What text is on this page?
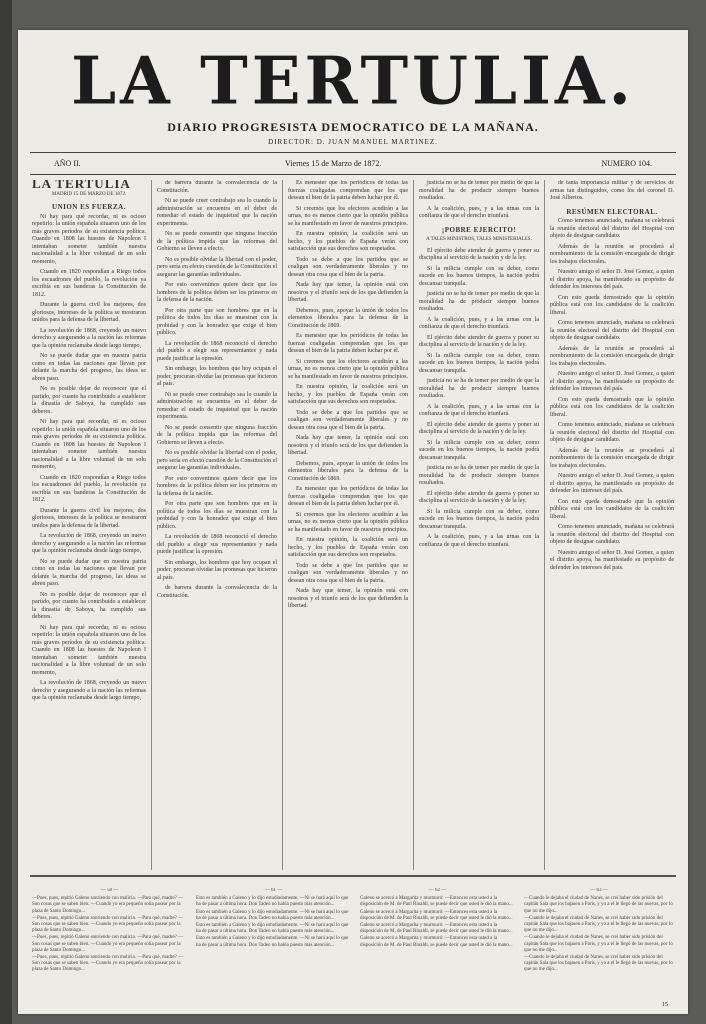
LA TERTULIA.
DIARIO PROGRESISTA DEMOCRATICO DE LA MAÑANA.
DIRECTOR: D. JUAN MANUEL MARTINEZ.
AÑO II.	Viernes 15 de Marzo de 1872.	NUMERO 104.
LA TERTULIA
MADRID 15 DE MARZO DE 1872.
UNION ES FUERZA.

Ni hay para qué recordar, ni es ocioso repetirlo: la unión española situaron uno de los más graves períodos de su existencia política. Cuando en 1808 las huestes de Napoleon I intentaban someter también nuestra nacionalidad a la libre voluntad de un solo momento,

Cuando en 1820 respondían a Riego todos los escuadrones del pueblo, la revolución ya escribía en sus banderas la Constitución de 1812.

Durante la guerra civil los mejores, dos gloriosos, intereses de la política se mostraron unidos para la defensa de la libertad.

La revolución de 1868, creyendo un nuevo derecho y asegurando a la nación las reformas que la opinión reclamaba desde largo tiempo,

No se puede dudar que en nuestra patria como en todas las naciones que llevan por delante la marcha del progreso, las ideas se abren paso.

No es posible dejar de reconocer que el partido, por cuanto ha contribuido a establecer la dinastía de Saboya, ha cumplido sus deberes.

Ni hay para qué recordar, ni es ocioso repetirlo: la unión española situaron uno de los más graves períodos de su existencia política. Cuando en 1808 las huestes de Napoleon I intentaban someter también nuestra nacionalidad a la libre voluntad de un solo momento,

Cuando en 1820 respondían a Riego todos los escuadrones del pueblo, la revolución ya escribía en sus banderas la Constitución de 1812.

Durante la guerra civil los mejores, dos gloriosos, intereses de la política se mostraron unidos para la defensa de la libertad.

La revolución de 1868, creyendo un nuevo derecho y asegurando a la nación las reformas que la opinión reclamaba desde largo tiempo,

No se puede dudar que en nuestra patria como en todas las naciones que llevan por delante la marcha del progreso, las ideas se abren paso.

No es posible dejar de reconocer que el partido, por cuanto ha contribuido a establecer la dinastía de Saboya, ha cumplido sus deberes.

Ni hay para qué recordar, ni es ocioso repetirlo: la unión española situaron uno de los más graves períodos de su existencia política. Cuando en 1808 las huestes de Napoleon I intentaban someter también nuestra nacionalidad a la libre voluntad de un solo momento,

La revolución de 1868, creyendo un nuevo derecho y asegurando a la nación las reformas que la opinión reclamaba desde largo tiempo,

de barrera durante la convalecencia de la Constitución.

Ni se puede creer contrabajo sea lo cuando la administración se encuentra en el deber de remediar el estado de inquietud que la nación experimenta.

No se puede consentir que ninguna fracción de la política impida que las reformas del Gobierno se lleven a efecto.

No es posible olvidar la libertad con el poder, pero sería en efecto cuestión de la Constitución el asegurar las garantías individuales.

Por esto convenimos quiere decir que los hombres de la política deben ser los primeros en la defensa de la nación.

Por otra parte que son hombres que en la política de todos los días se muestran con la probidad y con la honradez que exige el bien público.

La revolución de 1868 reconoció el derecho del pueblo a elegir sus representantes y nada puede justificar la opresión.

Sin embargo, los hombres que hoy ocupan el poder, procuran olvidar las promesas que hicieron al país.

Ni se puede creer contrabajo sea lo cuando la administración se encuentra en el deber de remediar el estado de inquietud que la nación experimenta.

No se puede consentir que ninguna fracción de la política impida que las reformas del Gobierno se lleven a efecto.

No es posible olvidar la libertad con el poder, pero sería en efecto cuestión de la Constitución el asegurar las garantías individuales.

Por esto convenimos quiere decir que los hombres de la política deben ser los primeros en la defensa de la nación.

Por otra parte que son hombres que en la política de todos los días se muestran con la probidad y con la honradez que exige el bien público.

La revolución de 1868 reconoció el derecho del pueblo a elegir sus representantes y nada puede justificar la opresión.

Sin embargo, los hombres que hoy ocupan el poder, procuran olvidar las promesas que hicieron al país.

de barrera durante la convalecencia de la Constitución.

Es menester que los periódicos de todas las fuerzas coaligadas comprendan que los que desean el bien de la patria deben luchar por él.

Si creemos que los electores acudirán a las urnas, no es menos cierto que la opinión pública se ha manifestado en favor de nuestros principios.

En nuestra opinión, la coalición será un hecho, y los pueblos de España verán con satisfacción que sus derechos son respetados.

Todo se debe a que los partidos que se coaligan son verdaderamente liberales y no desean otra cosa que el bien de la patria.

Nada hay que temer, la opinión está con nosotros y el triunfo será de los que defienden la libertad.

Debemos, pues, apoyar la unión de todos los elementos liberales para la defensa de la Constitución de 1869.

Es menester que los periódicos de todas las fuerzas coaligadas comprendan que los que desean el bien de la patria deben luchar por él.

Si creemos que los electores acudirán a las urnas, no es menos cierto que la opinión pública se ha manifestado en favor de nuestros principios.

En nuestra opinión, la coalición será un hecho, y los pueblos de España verán con satisfacción que sus derechos son respetados.

Todo se debe a que los partidos que se coaligan son verdaderamente liberales y no desean otra cosa que el bien de la patria.

Nada hay que temer, la opinión está con nosotros y el triunfo será de los que defienden la libertad.

Debemos, pues, apoyar la unión de todos los elementos liberales para la defensa de la Constitución de 1869.

Es menester que los periódicos de todas las fuerzas coaligadas comprendan que los que desean el bien de la patria deben luchar por él.

Si creemos que los electores acudirán a las urnas, no es menos cierto que la opinión pública se ha manifestado en favor de nuestros principios.

En nuestra opinión, la coalición será un hecho, y los pueblos de España verán con satisfacción que sus derechos son respetados.

Todo se debe a que los partidos que se coaligan son verdaderamente liberales y no desean otra cosa que el bien de la patria.

Nada hay que temer, la opinión está con nosotros y el triunfo será de los que defienden la libertad.

justicia no se ha de temer por medio de que la moralidad ha de producir siempre buenos resultados.

A la coalición, pues, y a las urnas con la confianza de que el derecho triunfará.

¡POBRE EJERCITO!
A TALES MINISTROS, TALES MINISTERIALES.

El ejército debe atender de guerra y poner su disciplina al servicio de la nación y de la ley.

Si la milicia cumple con su deber, como sucede en los buenos tiempos, la nación podrá descansar tranquila.

justicia no se ha de temer por medio de que la moralidad ha de producir siempre buenos resultados.

A la coalición, pues, y a las urnas con la confianza de que el derecho triunfará.

El ejército debe atender de guerra y poner su disciplina al servicio de la nación y de la ley.

Si la milicia cumple con su deber, como sucede en los buenos tiempos, la nación podrá descansar tranquila.

justicia no se ha de temer por medio de que la moralidad ha de producir siempre buenos resultados.

A la coalición, pues, y a las urnas con la confianza de que el derecho triunfará.

El ejército debe atender de guerra y poner su disciplina al servicio de la nación y de la ley.

Si la milicia cumple con su deber, como sucede en los buenos tiempos, la nación podrá descansar tranquila.

justicia no se ha de temer por medio de que la moralidad ha de producir siempre buenos resultados.

El ejército debe atender de guerra y poner su disciplina al servicio de la nación y de la ley.

Si la milicia cumple con su deber, como sucede en los buenos tiempos, la nación podrá descansar tranquila.

A la coalición, pues, y a las urnas con la confianza de que el derecho triunfará.

de tanta importancia militar y de servicios de armas tan distinguidos, como los del coronel D. José Albertos.

RESÚMEN ELECTORAL.

Como tenemos anunciado, mañana se celebrará la reunión electoral del distrito del Hospital con objeto de designar candidato.

Además de la reunión se procederá al nombramiento de la comisión encargada de dirigir los trabajos electorales.

Nuestro amigo el señor D. José Gomez, a quien el distrito apoya, ha manifestado su propósito de defender los intereses del país.

Con esto queda demostrado que la opinión pública está con los candidatos de la coalición liberal.

Como tenemos anunciado, mañana se celebrará la reunión electoral del distrito del Hospital con objeto de designar candidato.

Además de la reunión se procederá al nombramiento de la comisión encargada de dirigir los trabajos electorales.

Nuestro amigo el señor D. José Gomez, a quien el distrito apoya, ha manifestado su propósito de defender los intereses del país.

Con esto queda demostrado que la opinión pública está con los candidatos de la coalición liberal.

Como tenemos anunciado, mañana se celebrará la reunión electoral del distrito del Hospital con objeto de designar candidato.

Además de la reunión se procederá al nombramiento de la comisión encargada de dirigir los trabajos electorales.

Nuestro amigo el señor D. José Gomez, a quien el distrito apoya, ha manifestado su propósito de defender los intereses del país.

Con esto queda demostrado que la opinión pública está con los candidatos de la coalición liberal.

Como tenemos anunciado, mañana se celebrará la reunión electoral del distrito del Hospital con objeto de designar candidato.

Nuestro amigo el señor D. José Gomez, a quien el distrito apoya, ha manifestado su propósito de defender los intereses del país.

— 58 —

—Pues, pues, repitió Galeno sonriendo con malicia. —Para qué, madre? —Son cosas que se saben bien. —Cuando yo era pequeño solía pasear por la plaza de Santo Domingo...

—Pues, pues, repitió Galeno sonriendo con malicia. —Para qué, madre? —Son cosas que se saben bien. —Cuando yo era pequeño solía pasear por la plaza de Santo Domingo...

—Pues, pues, repitió Galeno sonriendo con malicia. —Para qué, madre? —Son cosas que se saben bien. —Cuando yo era pequeño solía pasear por la plaza de Santo Domingo...

—Pues, pues, repitió Galeno sonriendo con malicia. —Para qué, madre? —Son cosas que se saben bien. —Cuando yo era pequeño solía pasear por la plaza de Santo Domingo...

— 61 —

Esto es también a Galeno y lo dijo estudiadamente. —Ni se hará aquí lo que ha de pasar a última hora. Don Tadeo no había puesto más atención...

Esto es también a Galeno y lo dijo estudiadamente. —Ni se hará aquí lo que ha de pasar a última hora. Don Tadeo no había puesto más atención...

Esto es también a Galeno y lo dijo estudiadamente. —Ni se hará aquí lo que ha de pasar a última hora. Don Tadeo no había puesto más atención...

Esto es también a Galeno y lo dijo estudiadamente. —Ni se hará aquí lo que ha de pasar a última hora. Don Tadeo no había puesto más atención...

— 62 —

Galeno se acercó a Margarita y murmuró: —Entonces esta usted a la disposición de M. de Paul Rinaldi, se puede decir que usted le dió la mano...

Galeno se acercó a Margarita y murmuró: —Entonces esta usted a la disposición de M. de Paul Rinaldi, se puede decir que usted le dió la mano...

Galeno se acercó a Margarita y murmuró: —Entonces esta usted a la disposición de M. de Paul Rinaldi, se puede decir que usted le dió la mano...

Galeno se acercó a Margarita y murmuró: —Entonces esta usted a la disposición de M. de Paul Rinaldi, se puede decir que usted le dió la mano...

— 63 —

—Cuando le dejaba el ciudad de Nanes, se creí haber sido prisión del capitán Sala que los bajasen a Paris, y yo a el le llegó de las nuevas, por lo que no me dijo...

—Cuando le dejaba el ciudad de Nanes, se creí haber sido prisión del capitán Sala que los bajasen a Paris, y yo a el le llegó de las nuevas, por lo que no me dijo...

—Cuando le dejaba el ciudad de Nanes, se creí haber sido prisión del capitán Sala que los bajasen a Paris, y yo a el le llegó de las nuevas, por lo que no me dijo...

—Cuando le dejaba el ciudad de Nanes, se creí haber sido prisión del capitán Sala que los bajasen a Paris, y yo a el le llegó de las nuevas, por lo que no me dijo...

15
